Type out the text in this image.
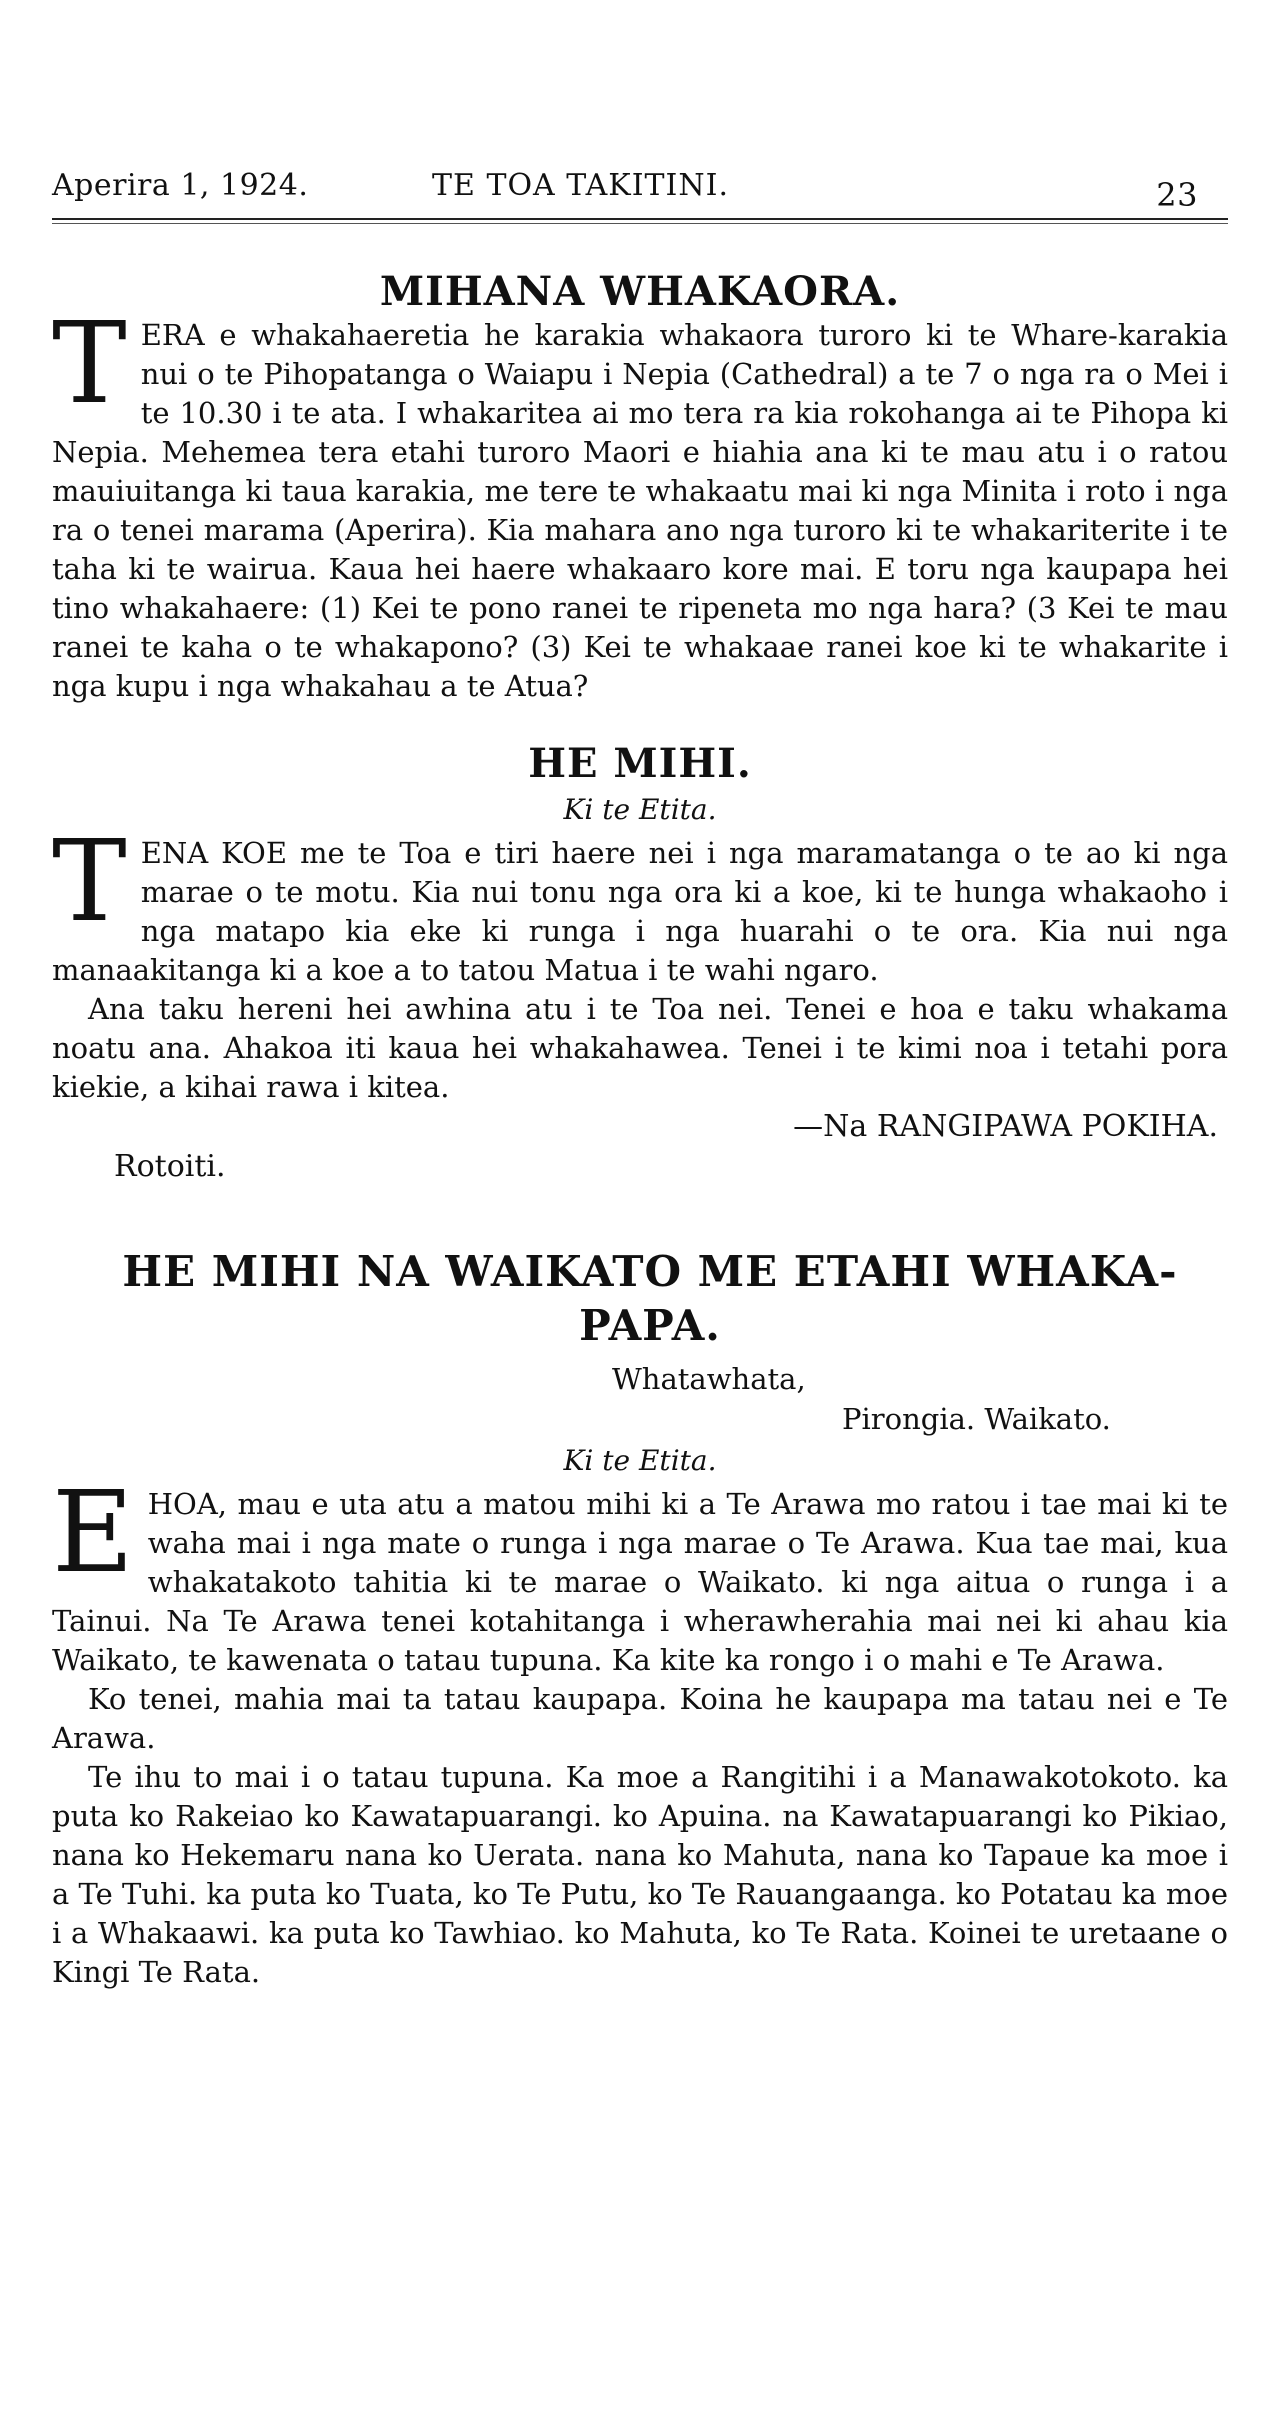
Aperira 1, 1924.	TE TOA TAKITINI.	23
MIHANA WHAKAORA.

T ERA e whakahaeretia he karakia whakaora turoro ki te Whare-karakia nui o te Pihopatanga o Waiapu i Nepia (Cathedral) a te 7 o nga ra o Mei i te 10.30 i te ata. I whakaritea ai mo tera ra kia rokohanga ai te Pihopa ki Nepia. Mehemea tera etahi turoro Maori e hiahia ana ki te mau atu i o ratou mauiuitanga ki taua karakia, me tere te whakaatu mai ki nga Minita i roto i nga ra o tenei marama (Aperira). Kia mahara ano nga turoro ki te whakariterite i te taha ki te wairua. Kaua hei haere whakaaro kore mai. E toru nga kaupapa hei tino whakahaere: (1) Kei te pono ranei te ripeneta mo nga hara? (3 Kei te mau ranei te kaha o te whakapono? (3) Kei te whakaae ranei koe ki te whakarite i nga kupu i nga whakahau a te Atua?

HE MIHI.
Ki te Etita.

T ENA KOE me te Toa e tiri haere nei i nga maramatanga o te ao ki nga marae o te motu. Kia nui tonu nga ora ki a koe, ki te hunga whakaoho i nga matapo kia eke ki runga i nga huarahi o te ora. Kia nui nga manaakitanga ki a koe a to tatou Matua i te wahi ngaro.

Ana taku hereni hei awhina atu i te Toa nei. Tenei e hoa e taku whakama noatu ana. Ahakoa iti kaua hei whakahawea. Tenei i te kimi noa i tetahi pora kiekie, a kihai rawa i kitea.

—Na RANGIPAWA POKIHA.

Rotoiti.

HE MIHI NA WAIKATO ME ETAHI WHAKA-
PAPA.

Whatawhata,

Pirongia. Waikato.

Ki te Etita.

E HOA, mau e uta atu a matou mihi ki a Te Arawa mo ratou i tae mai ki te waha mai i nga mate o runga i nga marae o Te Arawa. Kua tae mai, kua whakatakoto tahitia ki te marae o Waikato. ki nga aitua o runga i a Tainui. Na Te Arawa tenei kotahitanga i wherawherahia mai nei ki ahau kia Waikato, te kawenata o tatau tupuna. Ka kite ka rongo i o mahi e Te Arawa.

Ko tenei, mahia mai ta tatau kaupapa. Koina he kaupapa ma tatau nei e Te Arawa.

Te ihu to mai i o tatau tupuna. Ka moe a Rangitihi i a Manawakotokoto. ka puta ko Rakeiao ko Kawatapuarangi. ko Apuina. na Kawatapuarangi ko Pikiao, nana ko Hekemaru nana ko Uerata. nana ko Mahuta, nana ko Tapaue ka moe i a Te Tuhi. ka puta ko Tuata, ko Te Putu, ko Te Rauangaanga. ko Potatau ka moe i a Whakaawi. ka puta ko Tawhiao. ko Mahuta, ko Te Rata. Koinei te uretaane o Kingi Te Rata.
